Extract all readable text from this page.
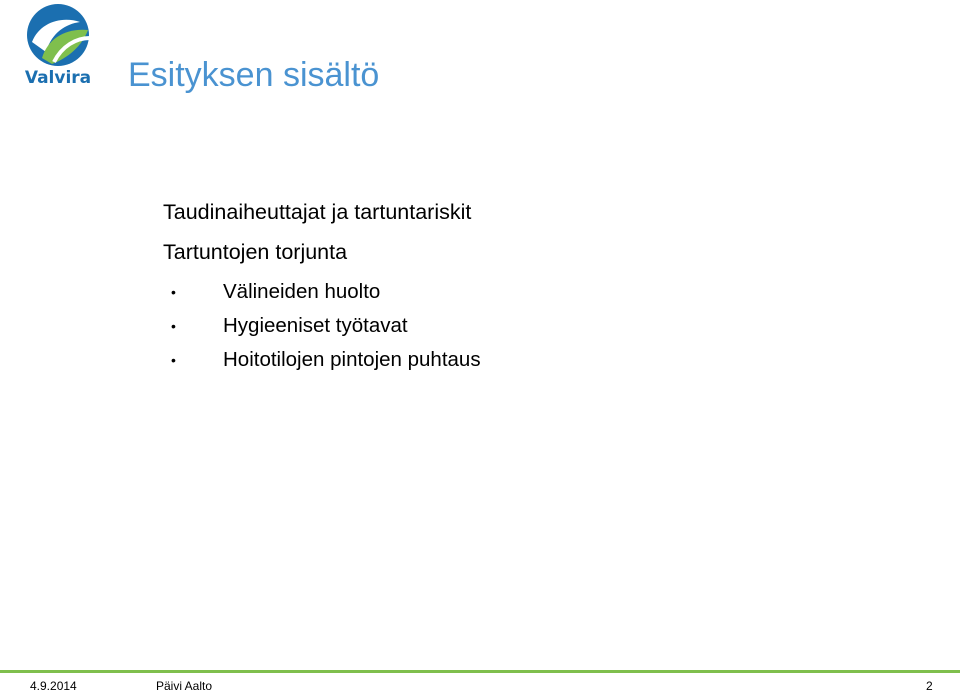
Valvira Esityksen sisältö
Taudinaiheuttajat ja tartuntariskit
Tartuntojen torjunta
• Välineiden huolto
• Hygieeniset työtavat
• Hoitotilojen pintojen puhtaus
4.9.2014	Päivi Aalto	2
